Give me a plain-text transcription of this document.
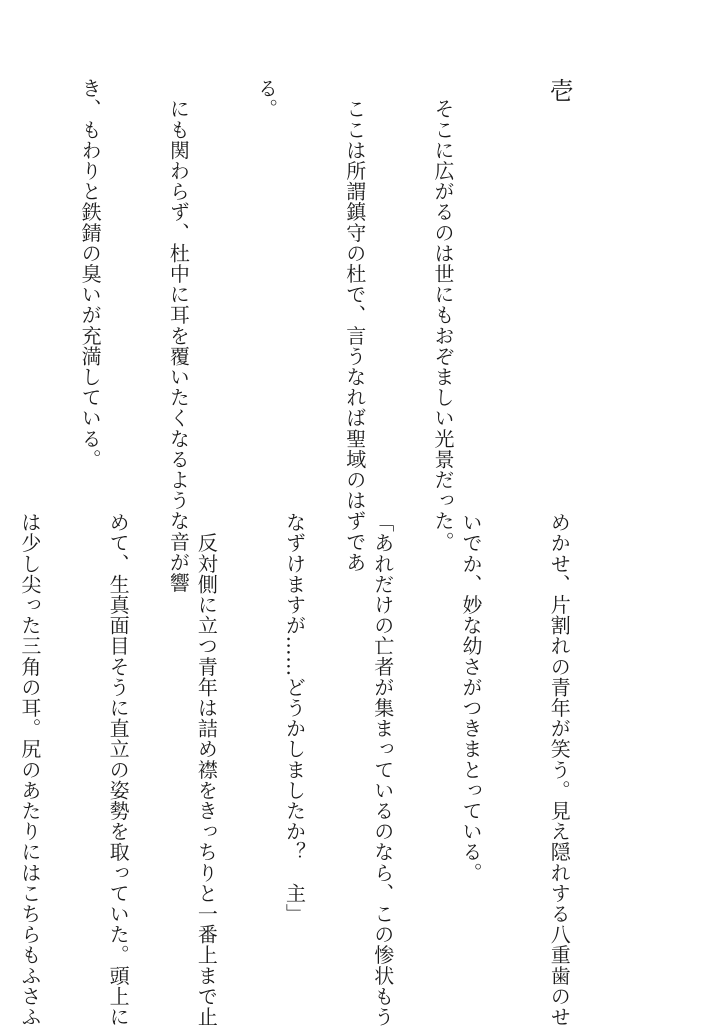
壱

　そこに広がるのは世にもおぞましい光景だった。

　ここは所謂鎮守の杜で、言うなれば聖域のはずであ

る。

　にも関わらず、杜中に耳を覆いたくなるような音が響

き、もわりと鉄錆の臭いが充満している。

めかせ、片割れの青年が笑う。見え隠れする八重歯のせ

いでか、妙な幼さがつきまとっている。

「あれだけの亡者が集まっているのなら、この惨状もう

なずけますが……どうかしましたか？　主」

　反対側に立つ青年は詰め襟をきっちりと一番上まで止

めて、生真面目そうに直立の姿勢を取っていた。頭上に

は少し尖った三角の耳。尻のあたりにはこちらもふさふ
